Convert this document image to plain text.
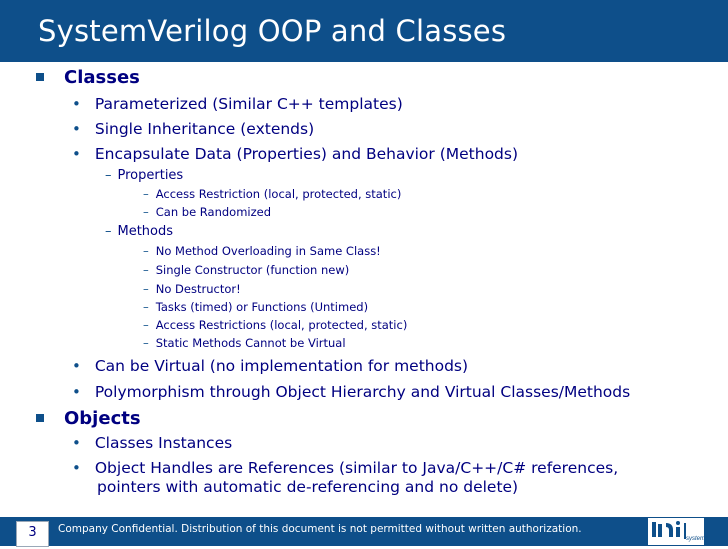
SystemVerilog OOP and Classes
Classes
• Parameterized (Similar C++ templates)
• Single Inheritance (extends)
• Encapsulate Data (Properties) and Behavior (Methods)
– Properties
– Access Restriction (local, protected, static)
– Can be Randomized
– Methods
– No Method Overloading in Same Class!
– Single Constructor (function new)
– No Destructor!
– Tasks (timed) or Functions (Untimed)
– Access Restrictions (local, protected, static)
– Static Methods Cannot be Virtual
• Can be Virtual (no implementation for methods)
• Polymorphism through Object Hierarchy and Virtual Classes/Methods
Objects
• Classes Instances
• Object Handles are References (similar to Java/C++/C# references,
pointers with automatic de-referencing and no delete)
3	Company Confidential. Distribution of this document is not permitted without written authorization.
systems
